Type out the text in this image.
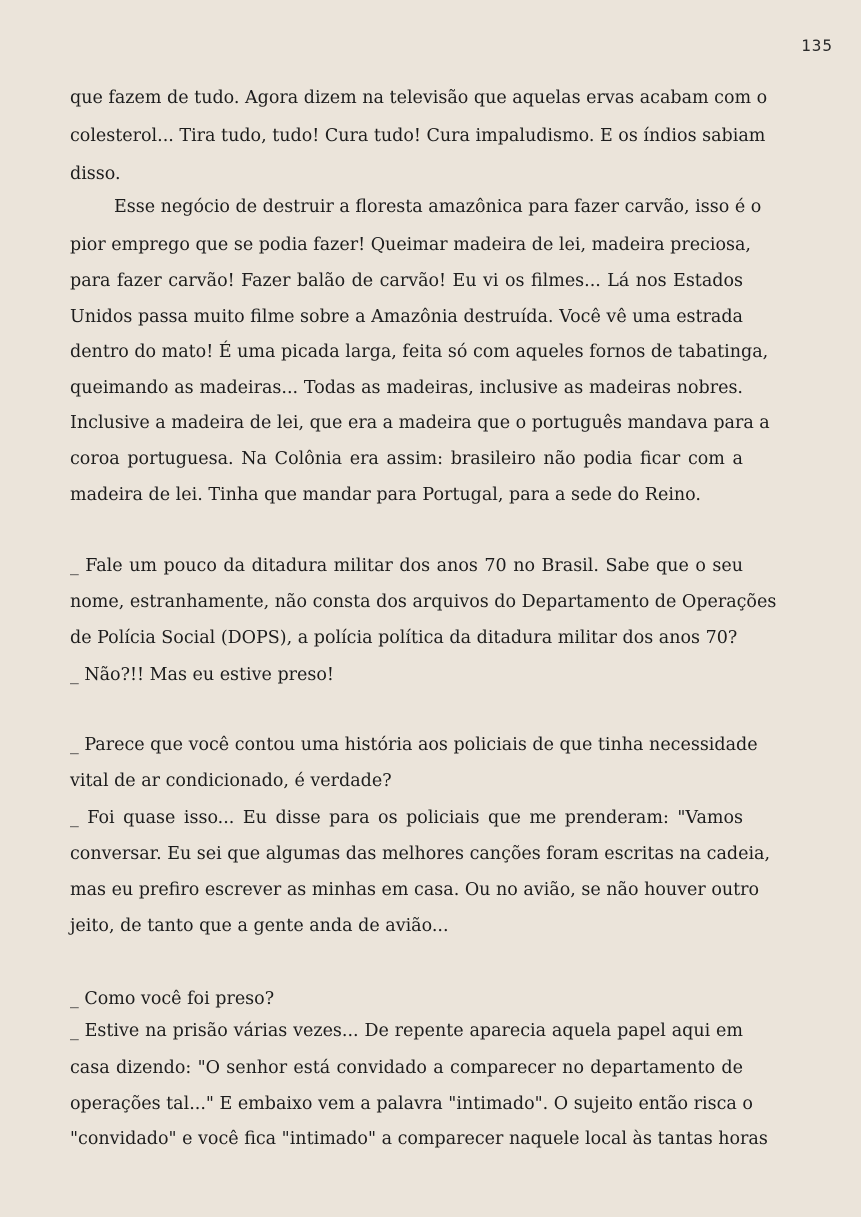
135
que fazem de tudo. Agora dizem na televisão que aquelas ervas acabam com o
colesterol... Tira tudo, tudo! Cura tudo! Cura impaludismo. E os índios sabiam
disso.
Esse negócio de destruir a floresta amazônica para fazer carvão, isso é o
pior emprego que se podia fazer! Queimar madeira de lei, madeira preciosa,
para fazer carvão! Fazer balão de carvão! Eu vi os filmes... Lá nos Estados
Unidos passa muito filme sobre a Amazônia destruída. Você vê uma estrada
dentro do mato! É uma picada larga, feita só com aqueles fornos de tabatinga,
queimando as madeiras... Todas as madeiras, inclusive as madeiras nobres.
Inclusive a madeira de lei, que era a madeira que o português mandava para a
coroa portuguesa. Na Colônia era assim: brasileiro não podia ficar com a
madeira de lei. Tinha que mandar para Portugal, para a sede do Reino.
_ Fale um pouco da ditadura militar dos anos 70 no Brasil. Sabe que o seu
nome, estranhamente, não consta dos arquivos do Departamento de Operações
de Polícia Social (DOPS), a polícia política da ditadura militar dos anos 70?
_ Não?!! Mas eu estive preso!
_ Parece que você contou uma história aos policiais de que tinha necessidade
vital de ar condicionado, é verdade?
_ Foi quase isso... Eu disse para os policiais que me prenderam: "Vamos
conversar. Eu sei que algumas das melhores canções foram escritas na cadeia,
mas eu prefiro escrever as minhas em casa. Ou no avião, se não houver outro
jeito, de tanto que a gente anda de avião...
_ Como você foi preso?
_ Estive na prisão várias vezes... De repente aparecia aquela papel aqui em
casa dizendo: "O senhor está convidado a comparecer no departamento de
operações tal..." E embaixo vem a palavra "intimado". O sujeito então risca o
"convidado" e você fica "intimado" a comparecer naquele local às tantas horas
